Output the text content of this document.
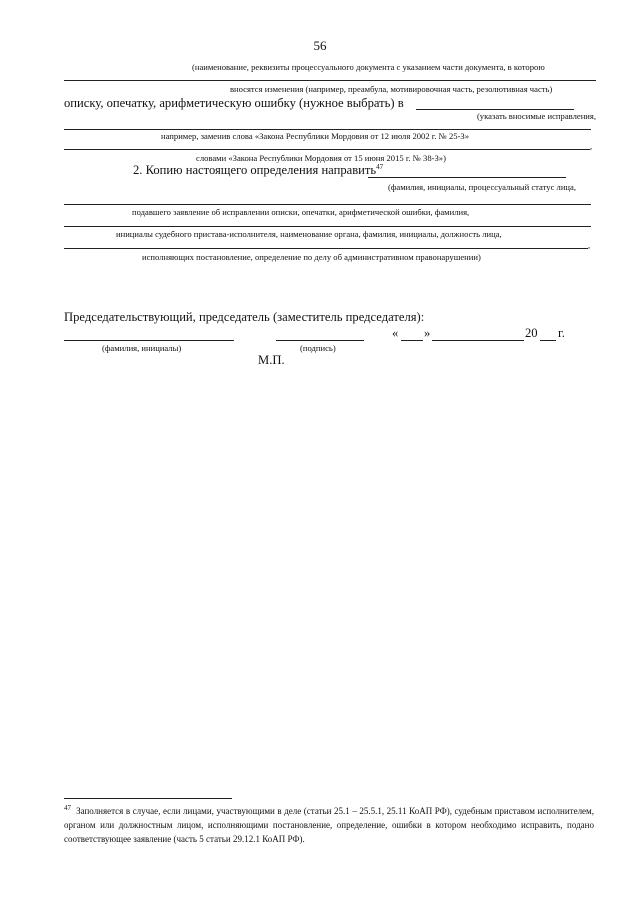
56
(наименование, реквизиты процессуального документа с указанием части документа, в которою
вносятся изменения (например, преамбула, мотивировочная часть, резолютивная часть)
описку, опечатку, арифметическую ошибку (нужное выбрать) в
(указать вносимые исправления,
например, заменив слова «Закона Республики Мордовия от 12 июля 2002 г. № 25-З»
,
словами «Закона Республики Мордовия от 15 июня 2015 г. № 38-З»)
2. Копию настоящего определения направить$^{47}$
(фамилия, инициалы, процессуальный статус лица,
подавшего заявление об исправлении описки, опечатки, арифметической ошибки, фамилия,
инициалы судебного пристава-исполнителя, наименование органа, фамилия, инициалы, должность лица,
,
исполняющих постановление, определение по делу об административном правонарушении)
Председательствующий, председатель (заместитель председателя):
« »	20 г.
(фамилия, инициалы)	(подпись)
М.П.
$^{47}$ Заполняется в случае, если лицами, участвующими в деле (статьи 25.1 – 25.5.1, 25.11 КоАП РФ), судебным приставом исполнителем, органом или должностным лицом, исполняющими постановление, определение, ошибки в котором необходимо исправить, подано соответствующее заявление (часть 5 статьи 29.12.1 КоАП РФ).
